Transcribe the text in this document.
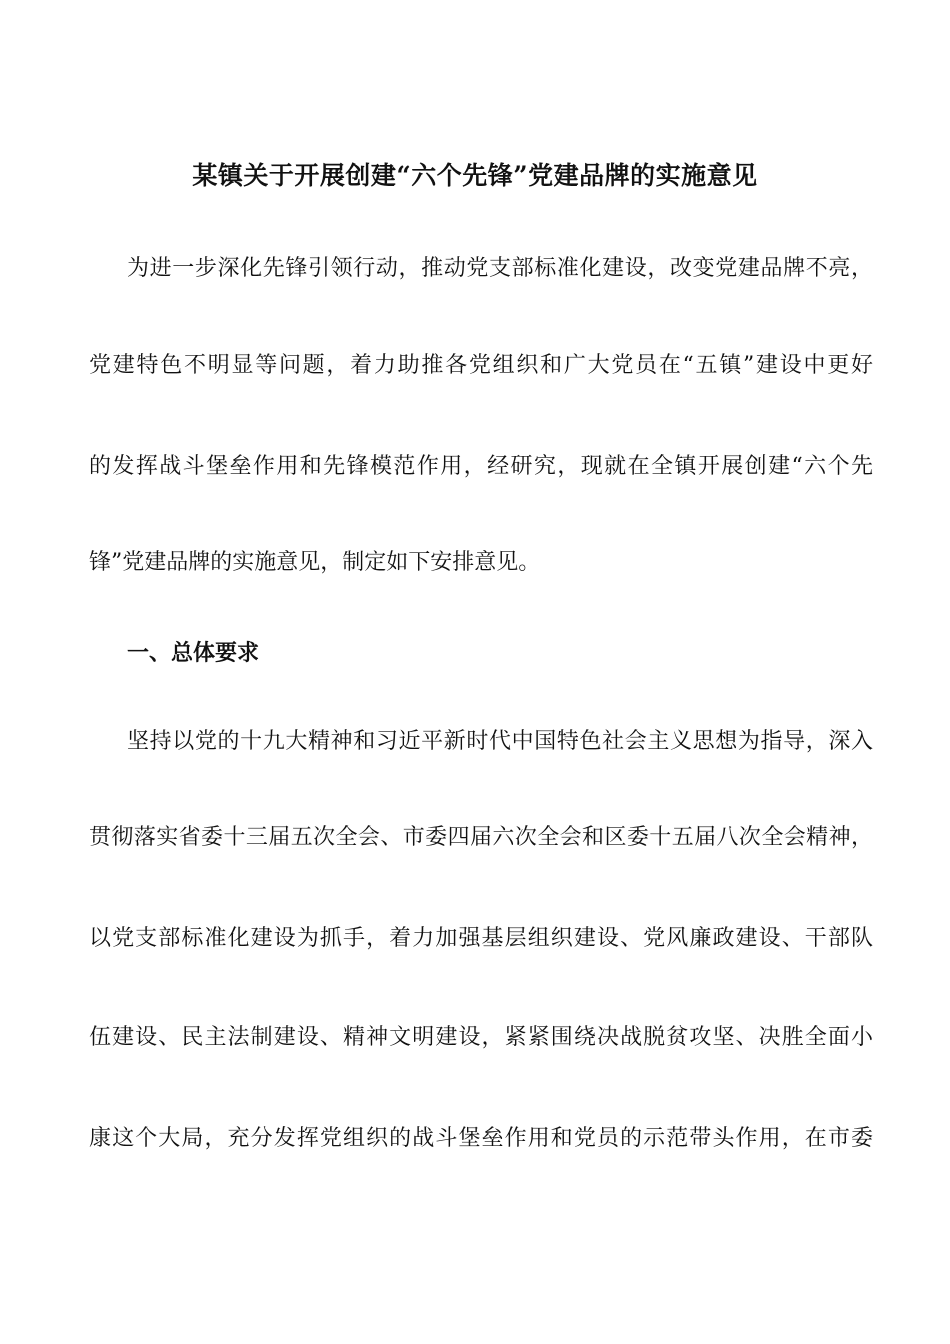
某镇关于开展创建“六个先锋”党建品牌的实施意见
为进一步深化先锋引领行动，推动党支部标准化建设，改变党建品牌不亮，
党建特色不明显等问题，着力助推各党组织和广大党员在“五镇”建设中更好
的发挥战斗堡垒作用和先锋模范作用，经研究，现就在全镇开展创建“六个先
锋”党建品牌的实施意见，制定如下安排意见。
一、总体要求
坚持以党的十九大精神和习近平新时代中国特色社会主义思想为指导，深入
贯彻落实省委十三届五次全会、市委四届六次全会和区委十五届八次全会精神，
以党支部标准化建设为抓手，着力加强基层组织建设、党风廉政建设、干部队
伍建设、民主法制建设、精神文明建设，紧紧围绕决战脱贫攻坚、决胜全面小
康这个大局，充分发挥党组织的战斗堡垒作用和党员的示范带头作用，在市委
